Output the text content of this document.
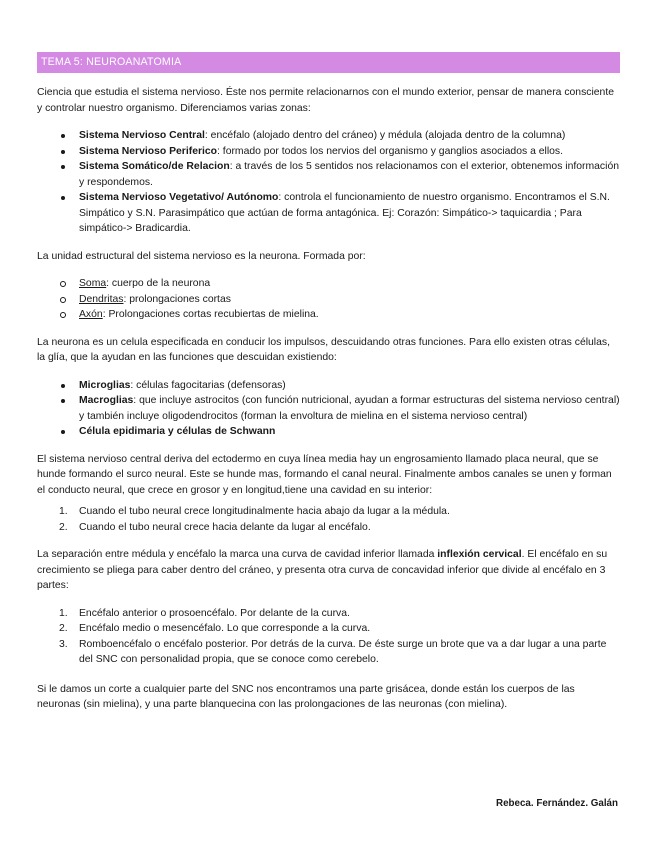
TEMA 5: NEUROANATOMIA

Ciencia que estudia el sistema nervioso. Éste nos permite relacionarnos con el mundo exterior, pensar de manera consciente y controlar nuestro organismo. Diferenciamos varias zonas:

Sistema Nervioso Central: encéfalo (alojado dentro del cráneo) y médula (alojada dentro de la columna)
Sistema Nervioso Periferico: formado por todos los nervios del organismo y ganglios asociados a ellos.
Sistema Somático/de Relacion: a través de los 5 sentidos nos relacionamos con el exterior, obtenemos información y respondemos.
Sistema Nervioso Vegetativo/ Autónomo: controla el funcionamiento de nuestro organismo. Encontramos el S.N. Simpático y S.N. Parasimpático que actúan de forma antagónica. Ej: Corazón: Simpático-> taquicardia ; Para simpático-> Bradicardia.

La unidad estructural del sistema nervioso es la neurona. Formada por:

Soma: cuerpo de la neurona
Dendritas: prolongaciones cortas
Axón: Prolongaciones cortas recubiertas de mielina.

La neurona es un celula especificada en conducir los impulsos, descuidando otras funciones. Para ello existen otras células, la glía, que la ayudan en las funciones que descuidan existiendo:

Microglias: células fagocitarias (defensoras)
Macroglias: que incluye astrocitos (con función nutricional, ayudan a formar estructuras del sistema nervioso central) y también incluye oligodendrocitos (forman la envoltura de mielina en el sistema nervioso central)
Célula epidimaria y células de Schwann

El sistema nervioso central deriva del ectodermo en cuya línea media hay un engrosamiento llamado placa neural, que se hunde formando el surco neural. Este se hunde mas, formando el canal neural. Finalmente ambos canales se unen y forman el conducto neural, que crece en grosor y en longitud,tiene una cavidad en su interior:

1. Cuando el tubo neural crece longitudinalmente hacia abajo da lugar a la médula.
2. Cuando el tubo neural crece hacia delante da lugar al encéfalo.

La separación entre médula y encéfalo la marca una curva de cavidad inferior llamada inflexión cervical. El encéfalo en su crecimiento se pliega para caber dentro del cráneo, y presenta otra curva de concavidad inferior que divide al encéfalo en 3 partes:

1. Encéfalo anterior o prosoencéfalo. Por delante de la curva.
2. Encéfalo medio o mesencéfalo. Lo que corresponde a la curva.
3. Romboencéfalo o encéfalo posterior. Por detrás de la curva. De éste surge un brote que va a dar lugar a una parte del SNC con personalidad propia, que se conoce como cerebelo.

Si le damos un corte a cualquier parte del SNC nos encontramos una parte grisácea, donde están los cuerpos de las neuronas (sin mielina), y una parte blanquecina con las prolongaciones de las neuronas (con mielina).

Rebeca. Fernández. Galán
